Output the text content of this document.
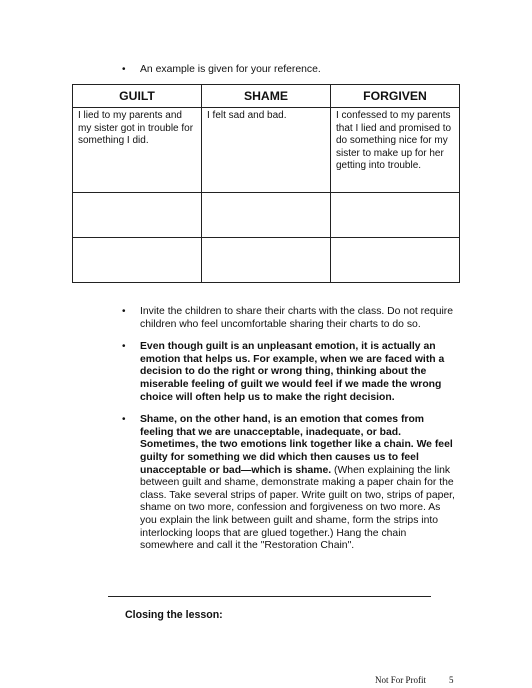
•	An example is given for your reference.
GUILT	SHAME	FORGIVEN
I lied to my parents and my sister got in trouble for something I did.	I felt sad and bad.	I confessed to my parents that I lied and promised to do something nice for my sister to make up for her getting into trouble.

•	Invite the children to share their charts with the class. Do not require children who feel uncomfortable sharing their charts to do so.
•	Even though guilt is an unpleasant emotion, it is actually an emotion that helps us. For example, when we are faced with a decision to do the right or wrong thing, thinking about the miserable feeling of guilt we would feel if we made the wrong choice will often help us to make the right decision.
•	Shame, on the other hand, is an emotion that comes from feeling that we are unacceptable, inadequate, or bad. Sometimes, the two emotions link together like a chain. We feel guilty for something we did which then causes us to feel unacceptable or bad—which is shame. (When explaining the link between guilt and shame, demonstrate making a paper chain for the class. Take several strips of paper. Write guilt on two, strips of paper, shame on two more, confession and forgiveness on two more. As you explain the link between guilt and shame, form the strips into interlocking loops that are glued together.) Hang the chain somewhere and call it the "Restoration Chain".
Closing the lesson:
Not For Profit	5
